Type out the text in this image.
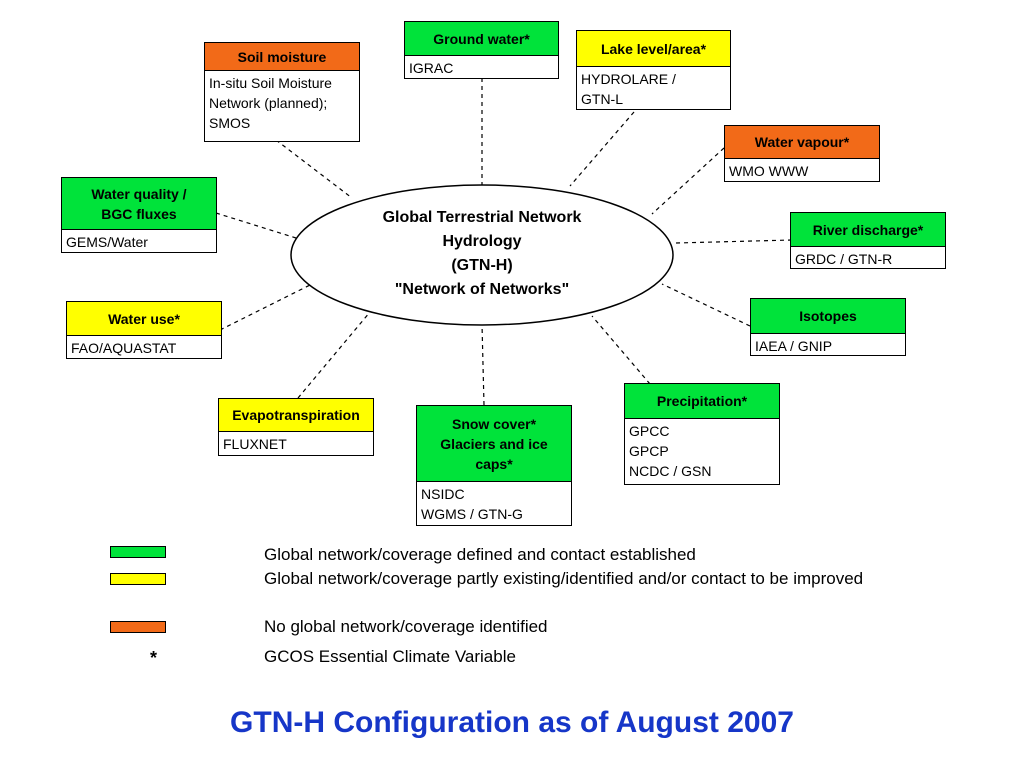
Global Terrestrial Network
Hydrology
(GTN-H)
"Network of Networks"
Soil moisture
In-situ Soil Moisture
Network (planned);
SMOS
Ground water*
IGRAC
Lake level/area*
HYDROLARE /
GTN-L
Water vapour*
WMO WWW
Water quality /
BGC fluxes
GEMS/Water
River discharge*
GRDC / GTN-R
Water use*
FAO/AQUASTAT
Isotopes
IAEA / GNIP
Evapotranspiration
FLUXNET
Snow cover*
Glaciers and ice
caps*
NSIDC
WGMS / GTN-G
Precipitation*
GPCC
GPCP
NCDC / GSN
Global network/coverage defined and contact established
Global network/coverage partly existing/identified and/or contact to be improved
No global network/coverage identified
*	GCOS Essential Climate Variable
GTN-H Configuration as of August 2007
